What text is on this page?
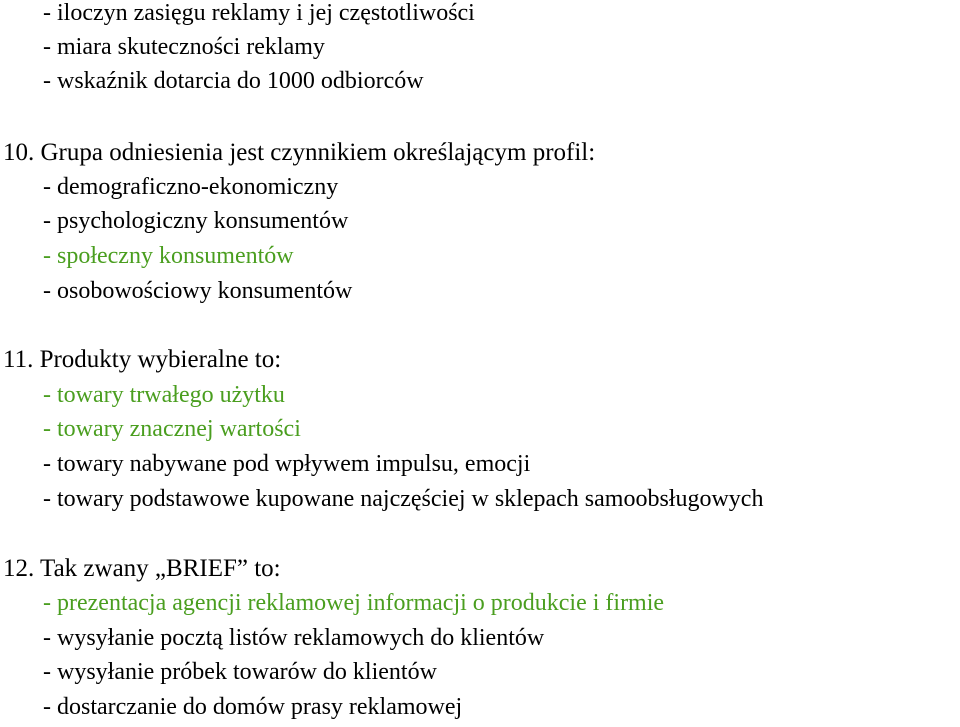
- iloczyn zasięgu reklamy i jej częstotliwości
- miara skuteczności reklamy
- wskaźnik dotarcia do 1000 odbiorców
10. Grupa odniesienia jest czynnikiem określającym profil:
- demograficzno-ekonomiczny
- psychologiczny konsumentów
- społeczny konsumentów
- osobowościowy konsumentów
11. Produkty wybieralne to:
- towary trwałego użytku
- towary znacznej wartości
- towary nabywane pod wpływem impulsu, emocji
- towary podstawowe kupowane najczęściej w sklepach samoobsługowych
12. Tak zwany „BRIEF” to:
- prezentacja agencji reklamowej informacji o produkcie i firmie
- wysyłanie pocztą listów reklamowych do klientów
- wysyłanie próbek towarów do klientów
- dostarczanie do domów prasy reklamowej
